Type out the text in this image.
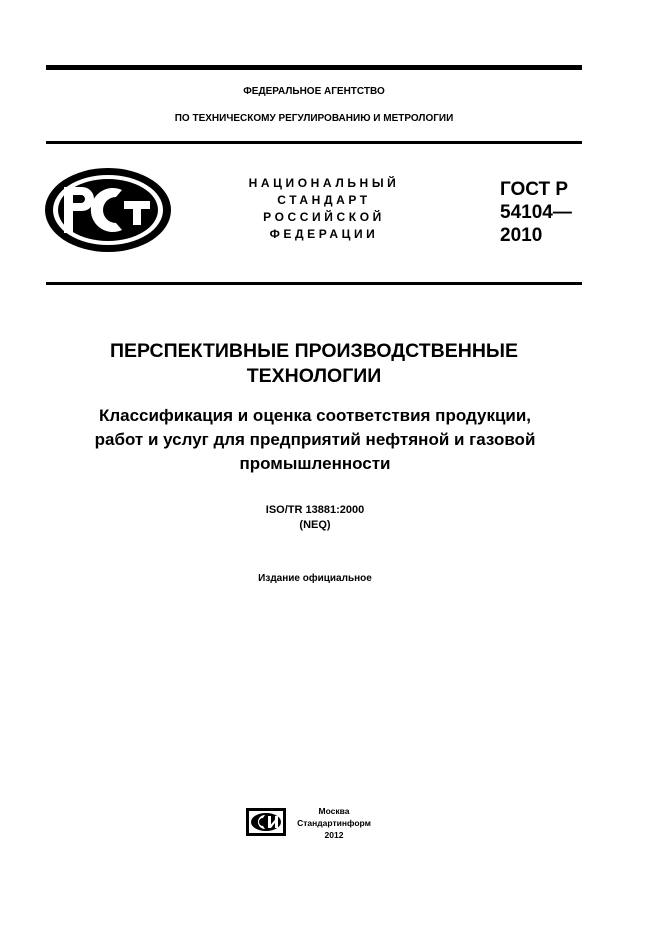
ФЕДЕРАЛЬНОЕ АГЕНТСТВО
ПО ТЕХНИЧЕСКОМУ РЕГУЛИРОВАНИЮ И МЕТРОЛОГИИ
НАЦИОНАЛЬНЫЙ
СТАНДАРТ
РОССИЙСКОЙ
ФЕДЕРАЦИИ
ГОСТ Р
54104—
2010
ПЕРСПЕКТИВНЫЕ ПРОИЗВОДСТВЕННЫЕ
ТЕХНОЛОГИИ
Классификация и оценка соответствия продукции,
работ и услуг для предприятий нефтяной и газовой
промышленности
ISO/TR 13881:2000
(NEQ)
Издание официальное
Москва
Стандартинформ
2012
